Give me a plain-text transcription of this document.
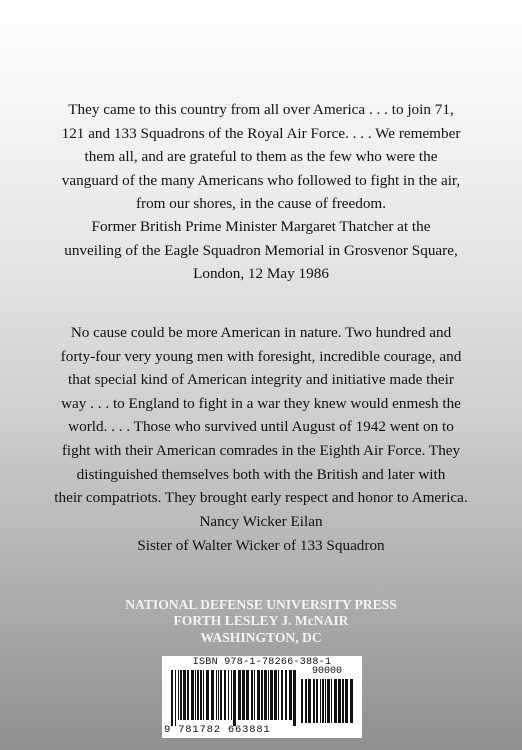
They came to this country from all over America . . . to join 71,
121 and 133 Squadrons of the Royal Air Force. . . . We remember
them all, and are grateful to them as the few who were the
vanguard of the many Americans who followed to fight in the air,
from our shores, in the cause of freedom.
Former British Prime Minister Margaret Thatcher at the
unveiling of the Eagle Squadron Memorial in Grosvenor Square,
London, 12 May 1986
No cause could be more American in nature. Two hundred and
forty-four very young men with foresight, incredible courage, and
that special kind of American integrity and initiative made their
way . . . to England to fight in a war they knew would enmesh the
world. . . . Those who survived until August of 1942 went on to
fight with their American comrades in the Eighth Air Force. They
distinguished themselves both with the British and later with
their compatriots. They brought early respect and honor to America.
Nancy Wicker Eilan
Sister of Walter Wicker of 133 Squadron
NATIONAL DEFENSE UNIVERSITY PRESS
FORTH LESLEY J. McNAIR
WASHINGTON, DC
ISBN 978-1-78266-388-1
90000
9 781782 663881
